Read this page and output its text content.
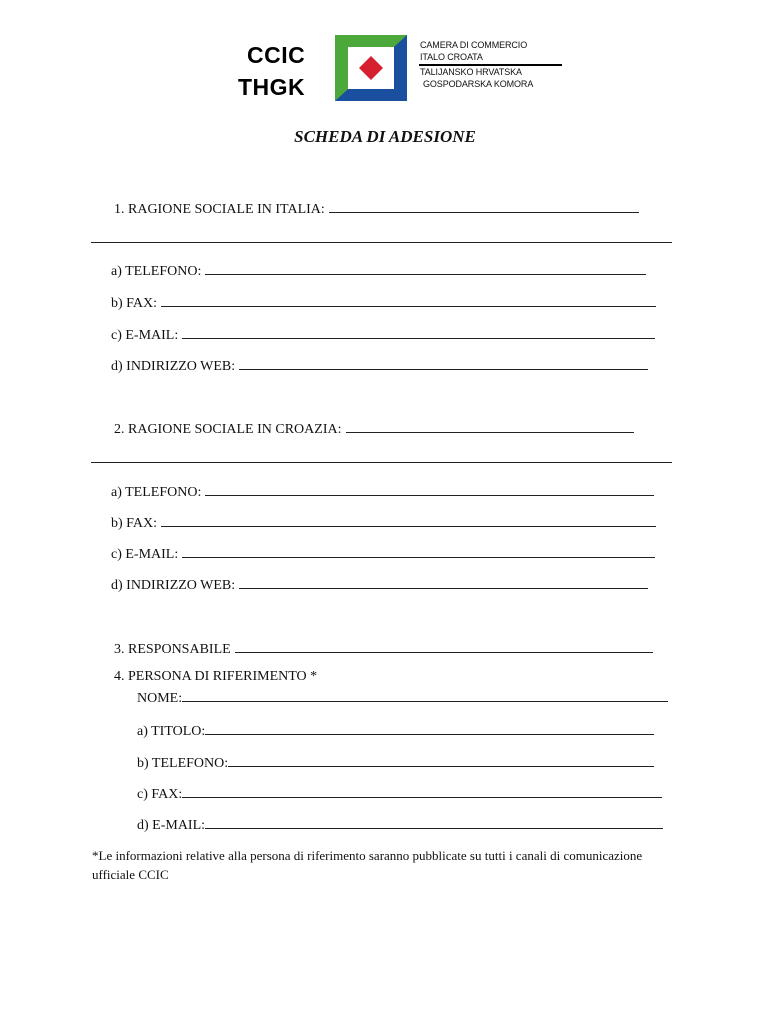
CCIC
THGK
CAMERA DI COMMERCIO
ITALO CROATA
TALIJANSKO HRVATSKA
GOSPODARSKA KOMORA
SCHEDA DI ADESIONE
1. RAGIONE SOCIALE IN ITALIA:
a) TELEFONO:
b) FAX:
c) E-MAIL:
d) INDIRIZZO WEB:
2. RAGIONE SOCIALE IN CROAZIA:
a) TELEFONO:
b) FAX:
c) E-MAIL:
d) INDIRIZZO WEB:
3. RESPONSABILE
4. PERSONA DI RIFERIMENTO *
NOME:
a) TITOLO:
b) TELEFONO:
c) FAX:
d) E-MAIL:
*Le informazioni relative alla persona di riferimento saranno pubblicate su tutti i canali di comunicazione ufficiale CCIC
